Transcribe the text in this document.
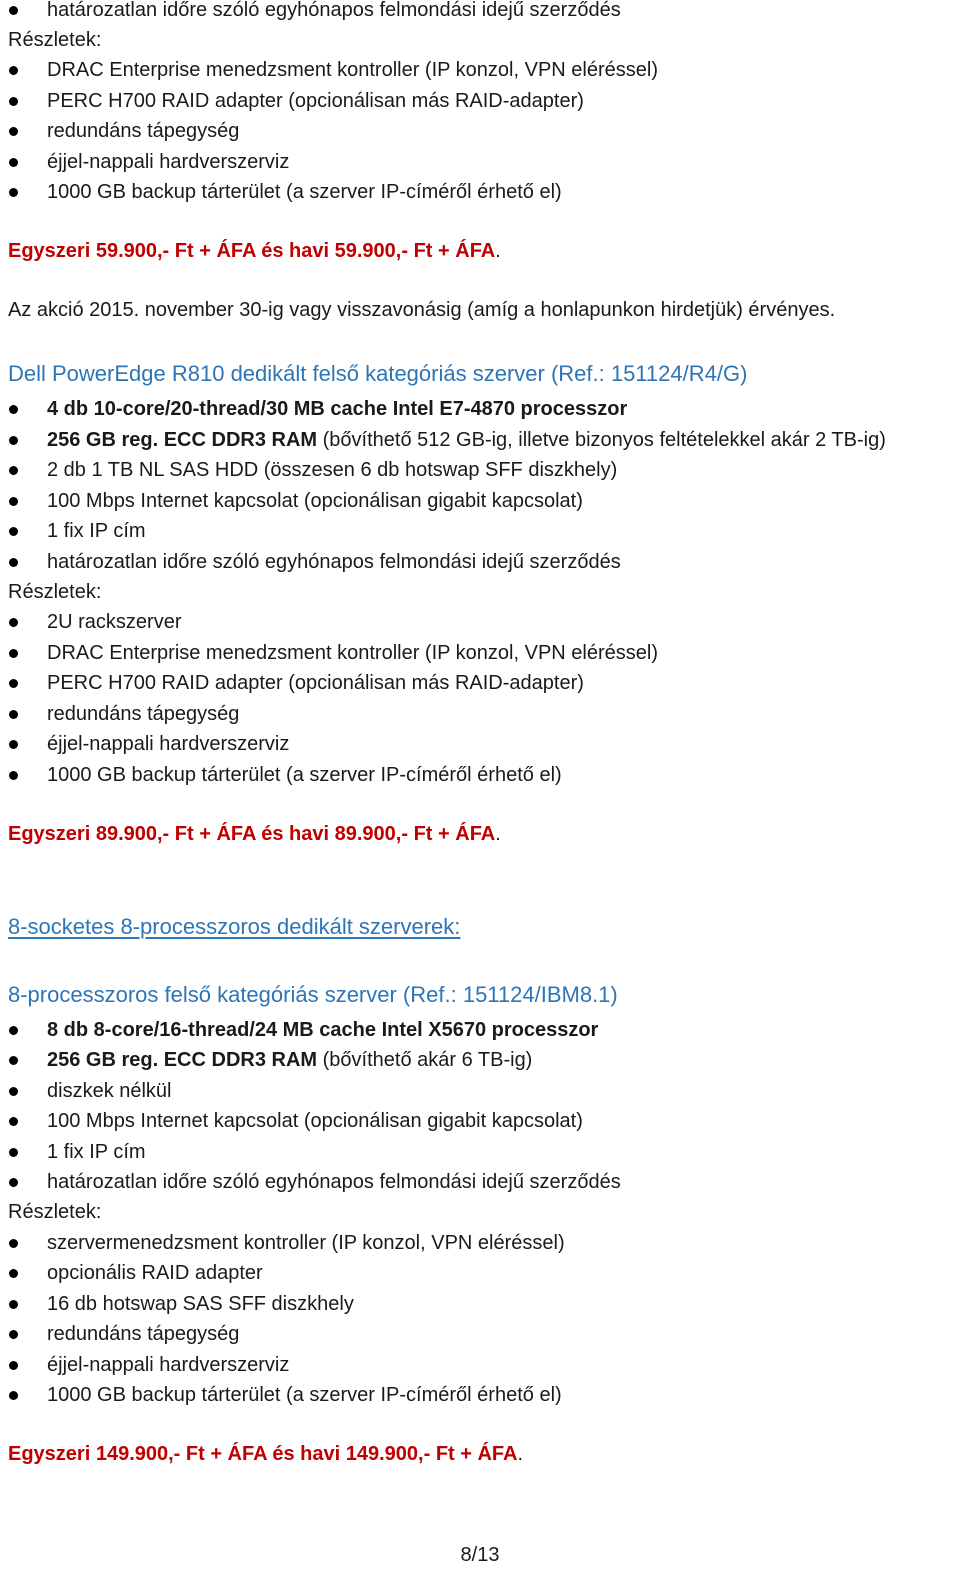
határozatlan időre szóló egyhónapos felmondási idejű szerződés
Részletek:
DRAC Enterprise menedzsment kontroller (IP konzol, VPN eléréssel)
PERC H700 RAID adapter (opcionálisan más RAID-adapter)
redundáns tápegység
éjjel-nappali hardverszerviz
1000 GB backup tárterület (a szerver IP-címéről érhető el)
Egyszeri 59.900,- Ft + ÁFA és havi 59.900,- Ft + ÁFA.
Az akció 2015. november 30-ig vagy visszavonásig (amíg a honlapunkon hirdetjük) érvényes.
Dell PowerEdge R810 dedikált felső kategóriás szerver (Ref.: 151124/R4/G)
4 db 10-core/20-thread/30 MB cache Intel E7-4870 processzor
256 GB reg. ECC DDR3 RAM (bővíthető 512 GB-ig, illetve bizonyos feltételekkel akár 2 TB-ig)
2 db 1 TB NL SAS HDD (összesen 6 db hotswap SFF diszkhely)
100 Mbps Internet kapcsolat (opcionálisan gigabit kapcsolat)
1 fix IP cím
határozatlan időre szóló egyhónapos felmondási idejű szerződés
Részletek:
2U rackszerver
DRAC Enterprise menedzsment kontroller (IP konzol, VPN eléréssel)
PERC H700 RAID adapter (opcionálisan más RAID-adapter)
redundáns tápegység
éjjel-nappali hardverszerviz
1000 GB backup tárterület (a szerver IP-címéről érhető el)
Egyszeri 89.900,- Ft + ÁFA és havi 89.900,- Ft + ÁFA.
8-socketes 8-processzoros dedikált szerverek:
8-processzoros felső kategóriás szerver (Ref.: 151124/IBM8.1)
8 db 8-core/16-thread/24 MB cache Intel X5670 processzor
256 GB reg. ECC DDR3 RAM (bővíthető akár 6 TB-ig)
diszkek nélkül
100 Mbps Internet kapcsolat (opcionálisan gigabit kapcsolat)
1 fix IP cím
határozatlan időre szóló egyhónapos felmondási idejű szerződés
Részletek:
szervermenedzsment kontroller (IP konzol, VPN eléréssel)
opcionális RAID adapter
16 db hotswap SAS SFF diszkhely
redundáns tápegység
éjjel-nappali hardverszerviz
1000 GB backup tárterület (a szerver IP-címéről érhető el)
Egyszeri 149.900,- Ft + ÁFA és havi 149.900,- Ft + ÁFA.
8/13
